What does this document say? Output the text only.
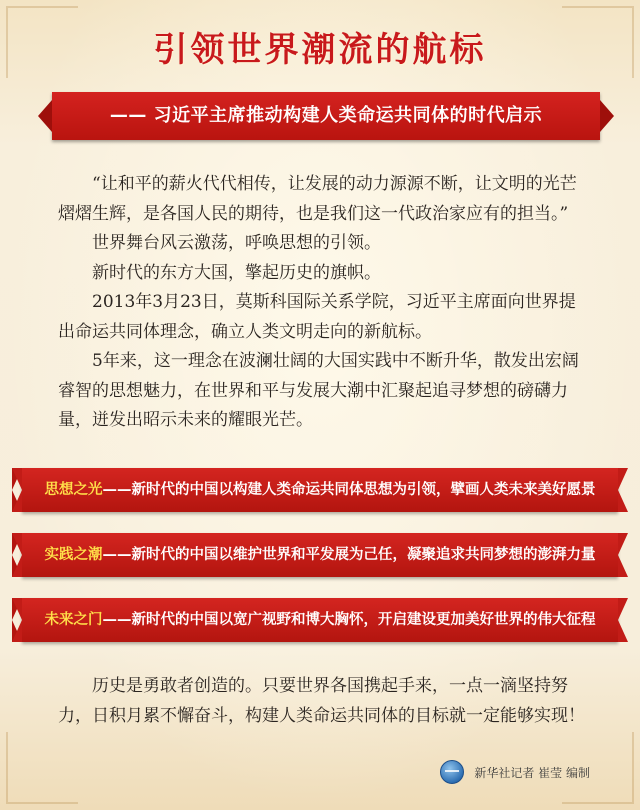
引领世界潮流的航标
—— 习近平主席推动构建人类命运共同体的时代启示

“让和平的薪火代代相传，让发展的动力源源不断，让文明的光芒熠熠生辉，是各国人民的期待，也是我们这一代政治家应有的担当。”

世界舞台风云激荡，呼唤思想的引领。

新时代的东方大国，擎起历史的旗帜。

2013年3月23日，莫斯科国际关系学院，习近平主席面向世界提出命运共同体理念，确立人类文明走向的新航标。

5年来，这一理念在波澜壮阔的大国实践中不断升华，散发出宏阔睿智的思想魅力，在世界和平与发展大潮中汇聚起追寻梦想的磅礴力量，迸发出昭示未来的耀眼光芒。

思想之光——新时代的中国以构建人类命运共同体思想为引领，擘画人类未来美好愿景
实践之潮——新时代的中国以维护世界和平发展为己任，凝聚追求共同梦想的澎湃力量
未来之门——新时代的中国以宽广视野和博大胸怀，开启建设更加美好世界的伟大征程

历史是勇敢者创造的。只要世界各国携起手来，一点一滴坚持努力，日积月累不懈奋斗，构建人类命运共同体的目标就一定能够实现！

新华社记者 崔莹 编制
